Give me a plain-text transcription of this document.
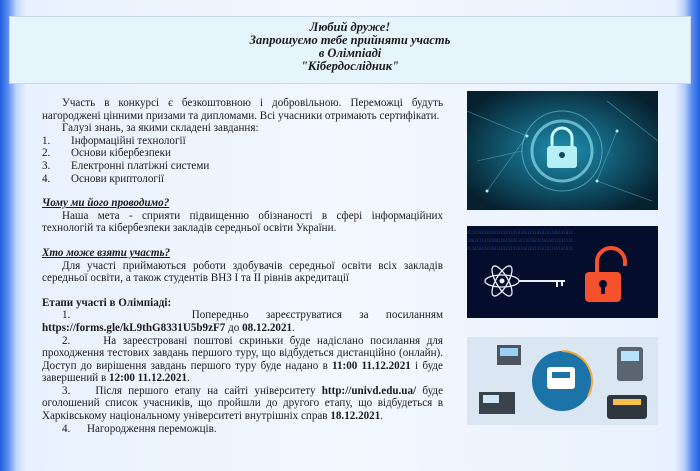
Любий друже!
Запрошуємо тебе прийняти участь
в Олімпіаді
"Кібердослідник"

Участь в конкурсі є безкоштовною і добровільною. Переможці будуть нагороджені цінними призами та дипломами. Всі учасники отримають сертифікати.

Галузі знань, за якими складені завдання:

1.	Інформаційні технології
2.	Основи кібербезпеки
3.	Електронні платіжні системи
4.	Основи криптології

Чому ми його проводимо?

Наша мета - сприяти підвищенню обізнаності в сфері інформаційних технологій та кібербезпеки закладів середньої освіти України.

Хто може взяти участь?

Для участі приймаються роботи здобувачів середньої освіти всіх закладів середньої освіти, а також студентів ВНЗ І та ІІ рівнів акредитації

Етапи участі в Олімпіаді:

1.	Попередньо зареєструватися за посиланням https://forms.gle/kL9thG8331U5b9zF7 до 08.12.2021.

2.	На зареєстровані поштові скриньки буде надіслано посилання для проходження тестових завдань першого туру, що відбудеться дистанційно (онлайн). Доступ до вирішення завдань першого туру буде надано в 11:00 11.12.2021 і буде завершений в 12:00 11.12.2021.

3. Після першого етапу на сайті університету http://univd.edu.ua/ буде оголошений список учасників, що пройшли до другого етапу, що відбудеться в Харківському національному університеті внутрішніх справ 18.12.2021.

4. Нагородження переможців.

01101001010011010110101001011010101100101010
10010110101001101001010110100101010011010110
01101001010011010110101001011010101100101010
